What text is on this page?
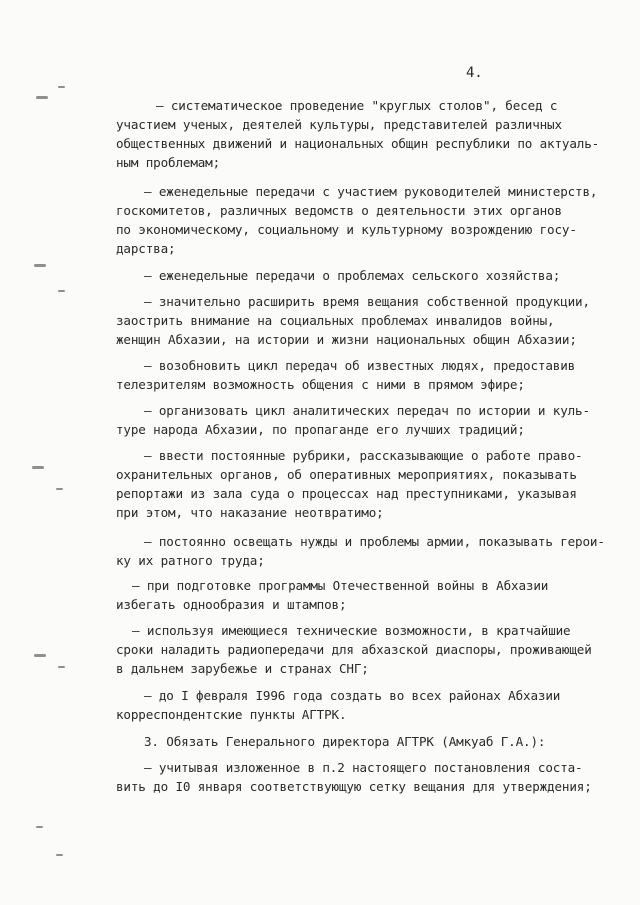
4.
– систематическое проведение "круглых столов", бесед с
участием ученых, деятелей культуры, представителей различных
общественных движений и национальных общин республики по актуаль-
ным проблемам;
– еженедельные передачи с участием руководителей министерств,
госкомитетов, различных ведомств о деятельности этих органов
по экономическому, социальному и культурному возрождению госу-
дарства;
– еженедельные передачи о проблемах сельского хозяйства;
– значительно расширить время вещания собственной продукции,
заострить внимание на социальных проблемах инвалидов войны,
женщин Абхазии, на истории и жизни национальных общин Абхазии;
– возобновить цикл передач об известных людях, предоставив
телезрителям возможность общения с ними в прямом эфире;
– организовать цикл аналитических передач по истории и куль-
туре народа Абхазии, по пропаганде его лучших традиций;
– ввести постоянные рубрики, рассказывающие о работе право-
охранительных органов, об оперативных мероприятиях, показывать
репортажи из зала суда о процессах над преступниками, указывая
при этом, что наказание неотвратимо;
– постоянно освещать нужды и проблемы армии, показывать герои-
ку их ратного труда;
– при подготовке программы Отечественной войны в Абхазии
избегать однообразия и штампов;
– используя имеющиеся технические возможности, в кратчайшие
сроки наладить радиопередачи для абхазской диаспоры, проживающей
в дальнем зарубежье и странах СНГ;
– до I февраля I996 года создать во всех районах Абхазии
корреспондентские пункты АГТРК.
3. Обязать Генерального директора АГТРК (Амкуаб Г.А.):
– учитывая изложенное в п.2 настоящего постановления соста-
вить до I0 января соответствующую сетку вещания для утверждения;
